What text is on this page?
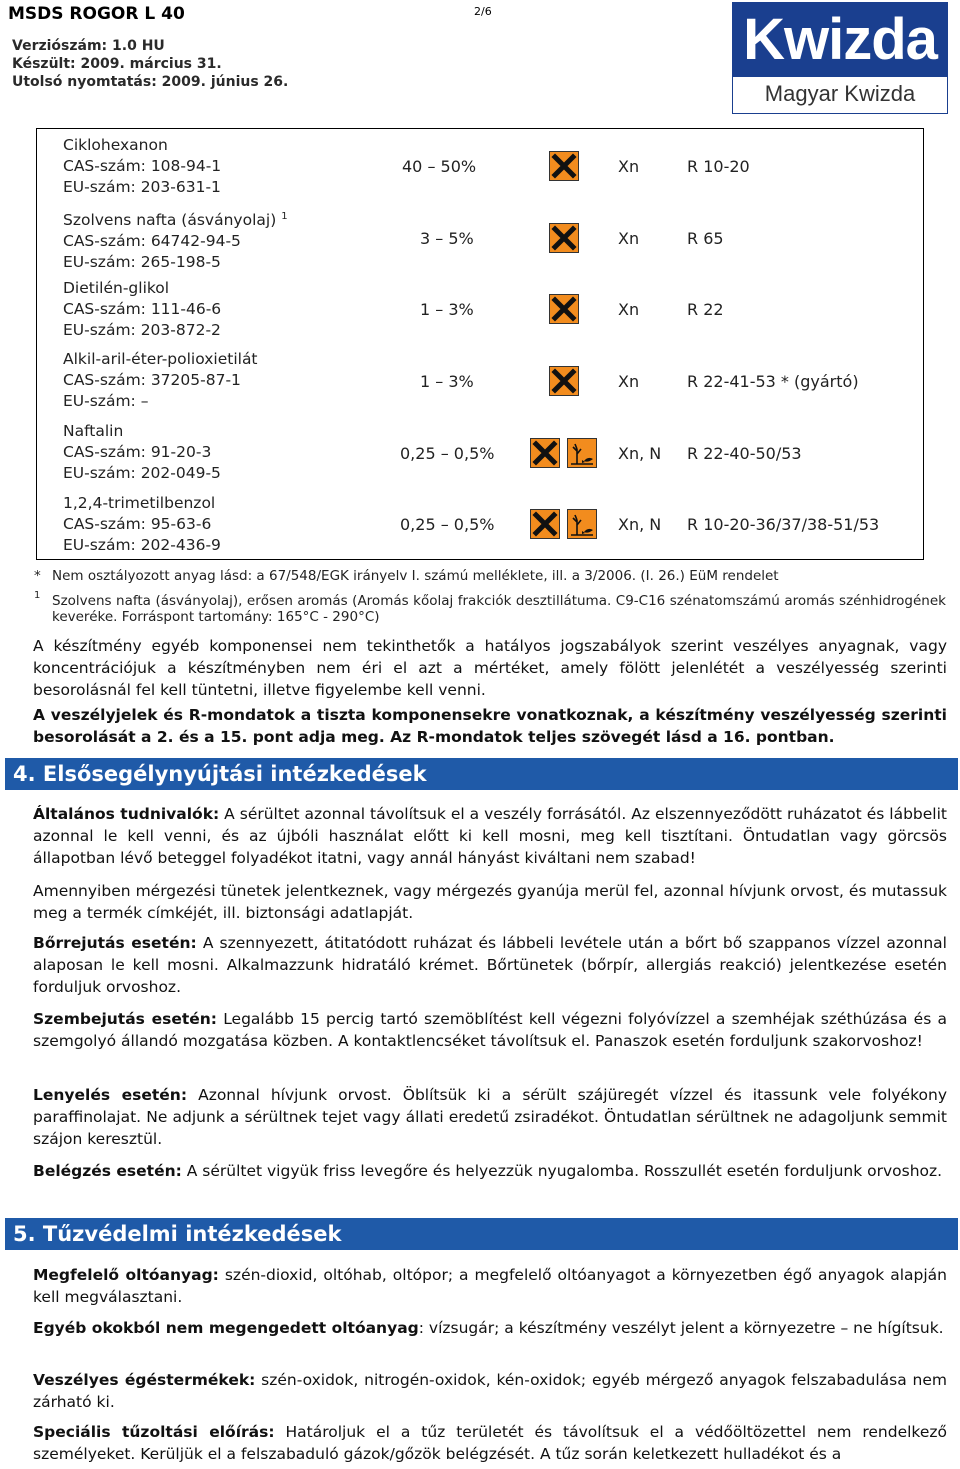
MSDS ROGOR L 40	2/6
Verziószám: 1.0 HU
Készült: 2009. március 31.
Utolsó nyomtatás: 2009. június 26.
Kwizda
Magyar Kwizda
Ciklohexanon
CAS-szám: 108-94-1
EU-szám: 203-631-1
40 – 50%	Xn	R 10-20
Szolvens nafta (ásványolaj) $^1$
CAS-szám: 64742-94-5
EU-szám: 265-198-5
3 – 5%	Xn	R 65
Dietilén-glikol
CAS-szám: 111-46-6
EU-szám: 203-872-2
1 – 3%	Xn	R 22
Alkil-aril-éter-polioxietilát
CAS-szám: 37205-87-1
EU-szám: –
1 – 3%	Xn	R 22-41-53 * (gyártó)
Naftalin
CAS-szám: 91-20-3
EU-szám: 202-049-5
0,25 – 0,5%	Xn, N R 22-40-50/53
1,2,4-trimetilbenzol
CAS-szám: 95-63-6
EU-szám: 202-436-9
0,25 – 0,5%	Xn, N R 10-20-36/37/38-51/53
* Nem osztályozott anyag lásd: a 67/548/EGK irányelv I. számú melléklete, ill. a 3/2006. (I. 26.) EüM rendelet
1 Szolvens nafta (ásványolaj), erősen aromás (Aromás kőolaj frakciók desztillátuma. C9-C16 szénatomszámú aromás szénhidrogének keveréke. Forráspont tartomány: 165°C - 290°C)
A készítmény egyéb komponensei nem tekinthetők a hatályos jogszabályok szerint veszélyes anyagnak, vagy koncentrációjuk a készítményben nem éri el azt a mértéket, amely fölött jelenlétét a veszélyesség szerinti besorolásnál fel kell tüntetni, illetve figyelembe kell venni.
A veszélyjelek és R-mondatok a tiszta komponensekre vonatkoznak, a készítmény veszélyesség szerinti besorolását a 2. és a 15. pont adja meg. Az R-mondatok teljes szövegét lásd a 16. pontban.
4. Elsősegélynyújtási intézkedések
Általános tudnivalók: A sérültet azonnal távolítsuk el a veszély forrásától. Az elszennyeződött ruházatot és lábbelit azonnal le kell venni, és az újbóli használat előtt ki kell mosni, meg kell tisztítani. Öntudatlan vagy görcsös állapotban lévő beteggel folyadékot itatni, vagy annál hányást kiváltani nem szabad!
Amennyiben mérgezési tünetek jelentkeznek, vagy mérgezés gyanúja merül fel, azonnal hívjunk orvost, és mutassuk meg a termék címkéjét, ill. biztonsági adatlapját.
Bőrrejutás esetén: A szennyezett, átitatódott ruházat és lábbeli levétele után a bőrt bő szappanos vízzel azonnal alaposan le kell mosni. Alkalmazzunk hidratáló krémet. Bőrtünetek (bőrpír, allergiás reakció) jelentkezése esetén forduljuk orvoshoz.
Szembejutás esetén: Legalább 15 percig tartó szemöblítést kell végezni folyóvízzel a szemhéjak széthúzása és a szemgolyó állandó mozgatása közben. A kontaktlencséket távolítsuk el. Panaszok esetén forduljunk szakorvoshoz!
Lenyelés esetén: Azonnal hívjunk orvost. Öblítsük ki a sérült szájüregét vízzel és itassunk vele folyékony paraffinolajat. Ne adjunk a sérültnek tejet vagy állati eredetű zsiradékot. Öntudatlan sérültnek ne adagoljunk semmit szájon keresztül.
Belégzés esetén: A sérültet vigyük friss levegőre és helyezzük nyugalomba. Rosszullét esetén forduljunk orvoshoz.
5. Tűzvédelmi intézkedések
Megfelelő oltóanyag: szén-dioxid, oltóhab, oltópor; a megfelelő oltóanyagot a környezetben égő anyagok alapján kell megválasztani.
Egyéb okokból nem megengedett oltóanyag: vízsugár; a készítmény veszélyt jelent a környezetre – ne hígítsuk.
Veszélyes égéstermékek: szén-oxidok, nitrogén-oxidok, kén-oxidok; egyéb mérgező anyagok felszabadulása nem zárható ki.
Speciális tűzoltási előírás: Határoljuk el a tűz területét és távolítsuk el a védőöltözettel nem rendelkező személyeket. Kerüljük el a felszabaduló gázok/gőzök belégzését. A tűz során keletkezett hulladékot és a
